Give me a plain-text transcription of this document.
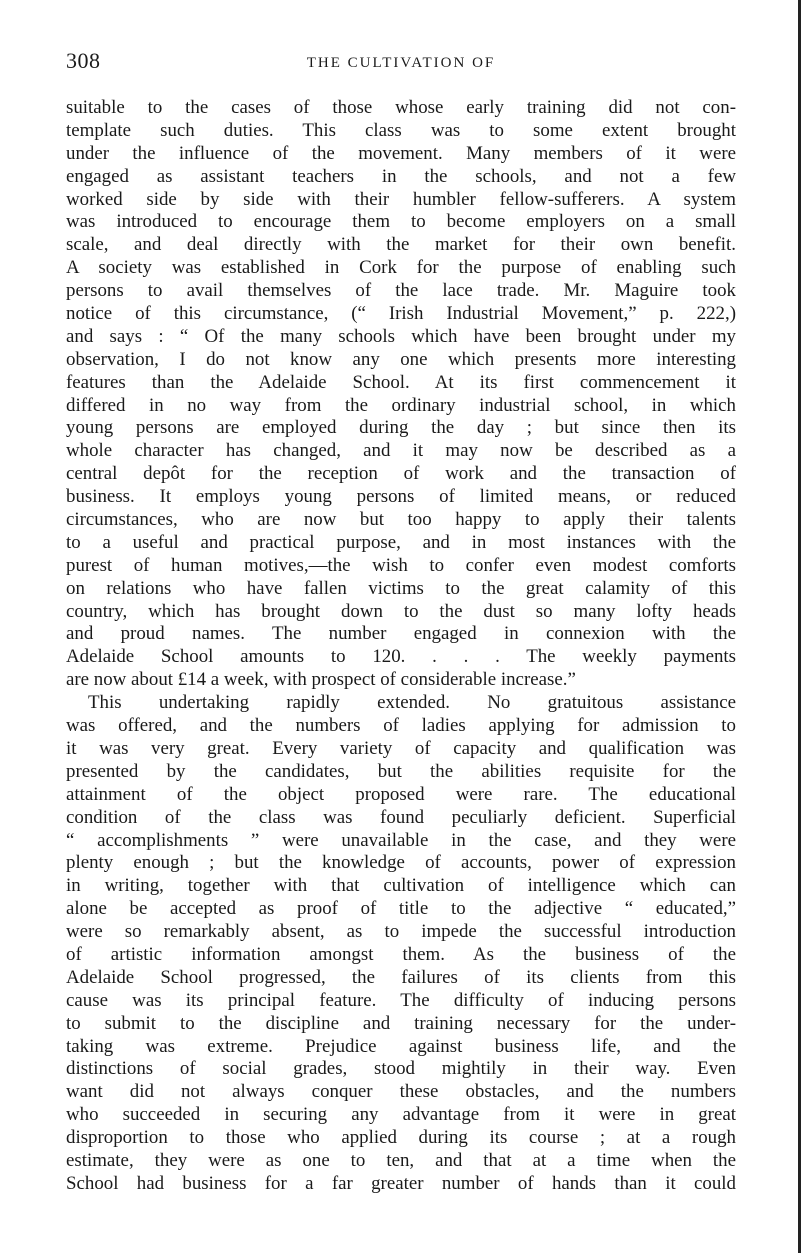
308	THE CULTIVATION OF
suitable to the cases of those whose early training did not con-
template such duties. This class was to some extent brought
under the influence of the movement. Many members of it were
engaged as assistant teachers in the schools, and not a few
worked side by side with their humbler fellow-sufferers. A system
was introduced to encourage them to become employers on a small
scale, and deal directly with the market for their own benefit.
A society was established in Cork for the purpose of enabling such
persons to avail themselves of the lace trade. Mr. Maguire took
notice of this circumstance, (“ Irish Industrial Movement,” p. 222,)
and says : “ Of the many schools which have been brought under my
observation, I do not know any one which presents more interesting
features than the Adelaide School. At its first commencement it
differed in no way from the ordinary industrial school, in which
young persons are employed during the day ; but since then its
whole character has changed, and it may now be described as a
central depôt for the reception of work and the transaction of
business. It employs young persons of limited means, or reduced
circumstances, who are now but too happy to apply their talents
to a useful and practical purpose, and in most instances with the
purest of human motives,—the wish to confer even modest comforts
on relations who have fallen victims to the great calamity of this
country, which has brought down to the dust so many lofty heads
and proud names. The number engaged in connexion with the
Adelaide School amounts to 120. . . . The weekly payments
are now about £14 a week, with prospect of considerable increase.”
This undertaking rapidly extended. No gratuitous assistance
was offered, and the numbers of ladies applying for admission to
it was very great. Every variety of capacity and qualification was
presented by the candidates, but the abilities requisite for the
attainment of the object proposed were rare. The educational
condition of the class was found peculiarly deficient. Superficial
“ accomplishments ” were unavailable in the case, and they were
plenty enough ; but the knowledge of accounts, power of expression
in writing, together with that cultivation of intelligence which can
alone be accepted as proof of title to the adjective “ educated,”
were so remarkably absent, as to impede the successful introduction
of artistic information amongst them. As the business of the
Adelaide School progressed, the failures of its clients from this
cause was its principal feature. The difficulty of inducing persons
to submit to the discipline and training necessary for the under-
taking was extreme. Prejudice against business life, and the
distinctions of social grades, stood mightily in their way. Even
want did not always conquer these obstacles, and the numbers
who succeeded in securing any advantage from it were in great
disproportion to those who applied during its course ; at a rough
estimate, they were as one to ten, and that at a time when the
School had business for a far greater number of hands than it could
